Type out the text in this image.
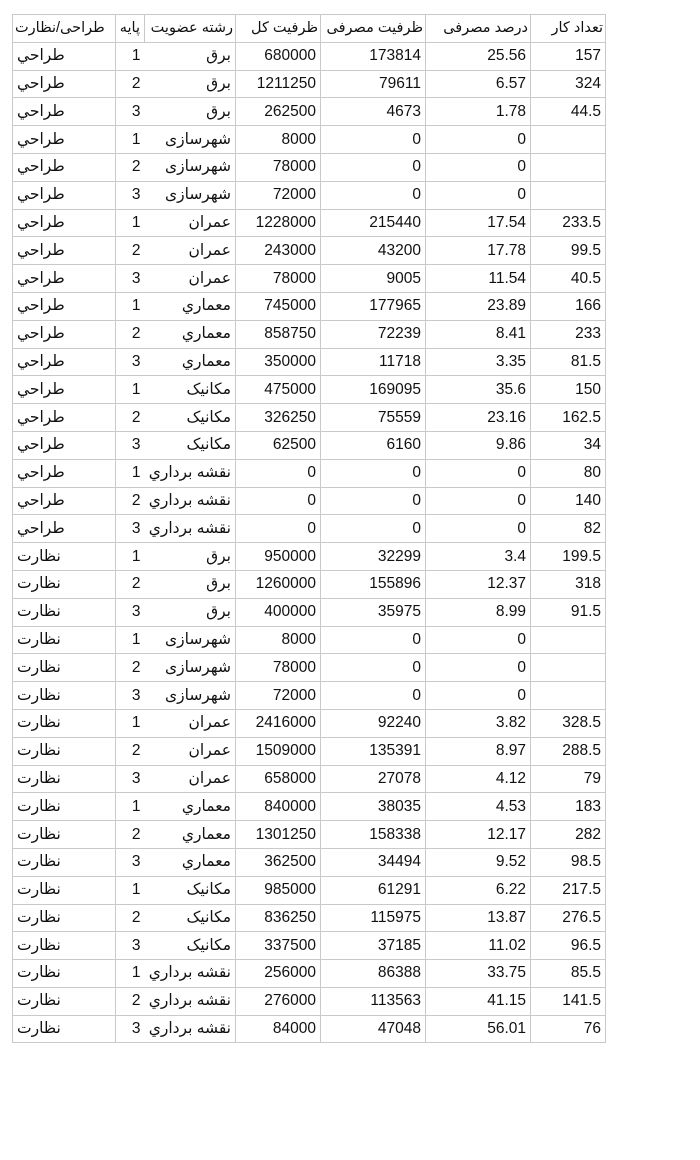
طراحی/نظارت	پایه	رشته عضویت	ظرفیت کل	ظرفیت مصرفی	درصد مصرفی	تعداد کار
طراحي	1	برق	680000	173814	25.56	157
طراحي	2	برق	1211250	79611	6.57	324
طراحي	3	برق	262500	4673	1.78	44.5
طراحي	1	شهرسازی	8000	0	0	
طراحي	2	شهرسازی	78000	0	0	
طراحي	3	شهرسازی	72000	0	0	
طراحي	1	عمران	1228000	215440	17.54	233.5
طراحي	2	عمران	243000	43200	17.78	99.5
طراحي	3	عمران	78000	9005	11.54	40.5
طراحي	1	معماري	745000	177965	23.89	166
طراحي	2	معماري	858750	72239	8.41	233
طراحي	3	معماري	350000	11718	3.35	81.5
طراحي	1	مكانيک	475000	169095	35.6	150
طراحي	2	مكانيک	326250	75559	23.16	162.5
طراحي	3	مكانيک	62500	6160	9.86	34
طراحي	1	نقشه برداري	0	0	0	80
طراحي	2	نقشه برداري	0	0	0	140
طراحي	3	نقشه برداري	0	0	0	82
نظارت	1	برق	950000	32299	3.4	199.5
نظارت	2	برق	1260000	155896	12.37	318
نظارت	3	برق	400000	35975	8.99	91.5
نظارت	1	شهرسازی	8000	0	0	
نظارت	2	شهرسازی	78000	0	0	
نظارت	3	شهرسازی	72000	0	0	
نظارت	1	عمران	2416000	92240	3.82	328.5
نظارت	2	عمران	1509000	135391	8.97	288.5
نظارت	3	عمران	658000	27078	4.12	79
نظارت	1	معماري	840000	38035	4.53	183
نظارت	2	معماري	1301250	158338	12.17	282
نظارت	3	معماري	362500	34494	9.52	98.5
نظارت	1	مكانيک	985000	61291	6.22	217.5
نظارت	2	مكانيک	836250	115975	13.87	276.5
نظارت	3	مكانيک	337500	37185	11.02	96.5
نظارت	1	نقشه برداري	256000	86388	33.75	85.5
نظارت	2	نقشه برداري	276000	113563	41.15	141.5
نظارت	3	نقشه برداري	84000	47048	56.01	76
